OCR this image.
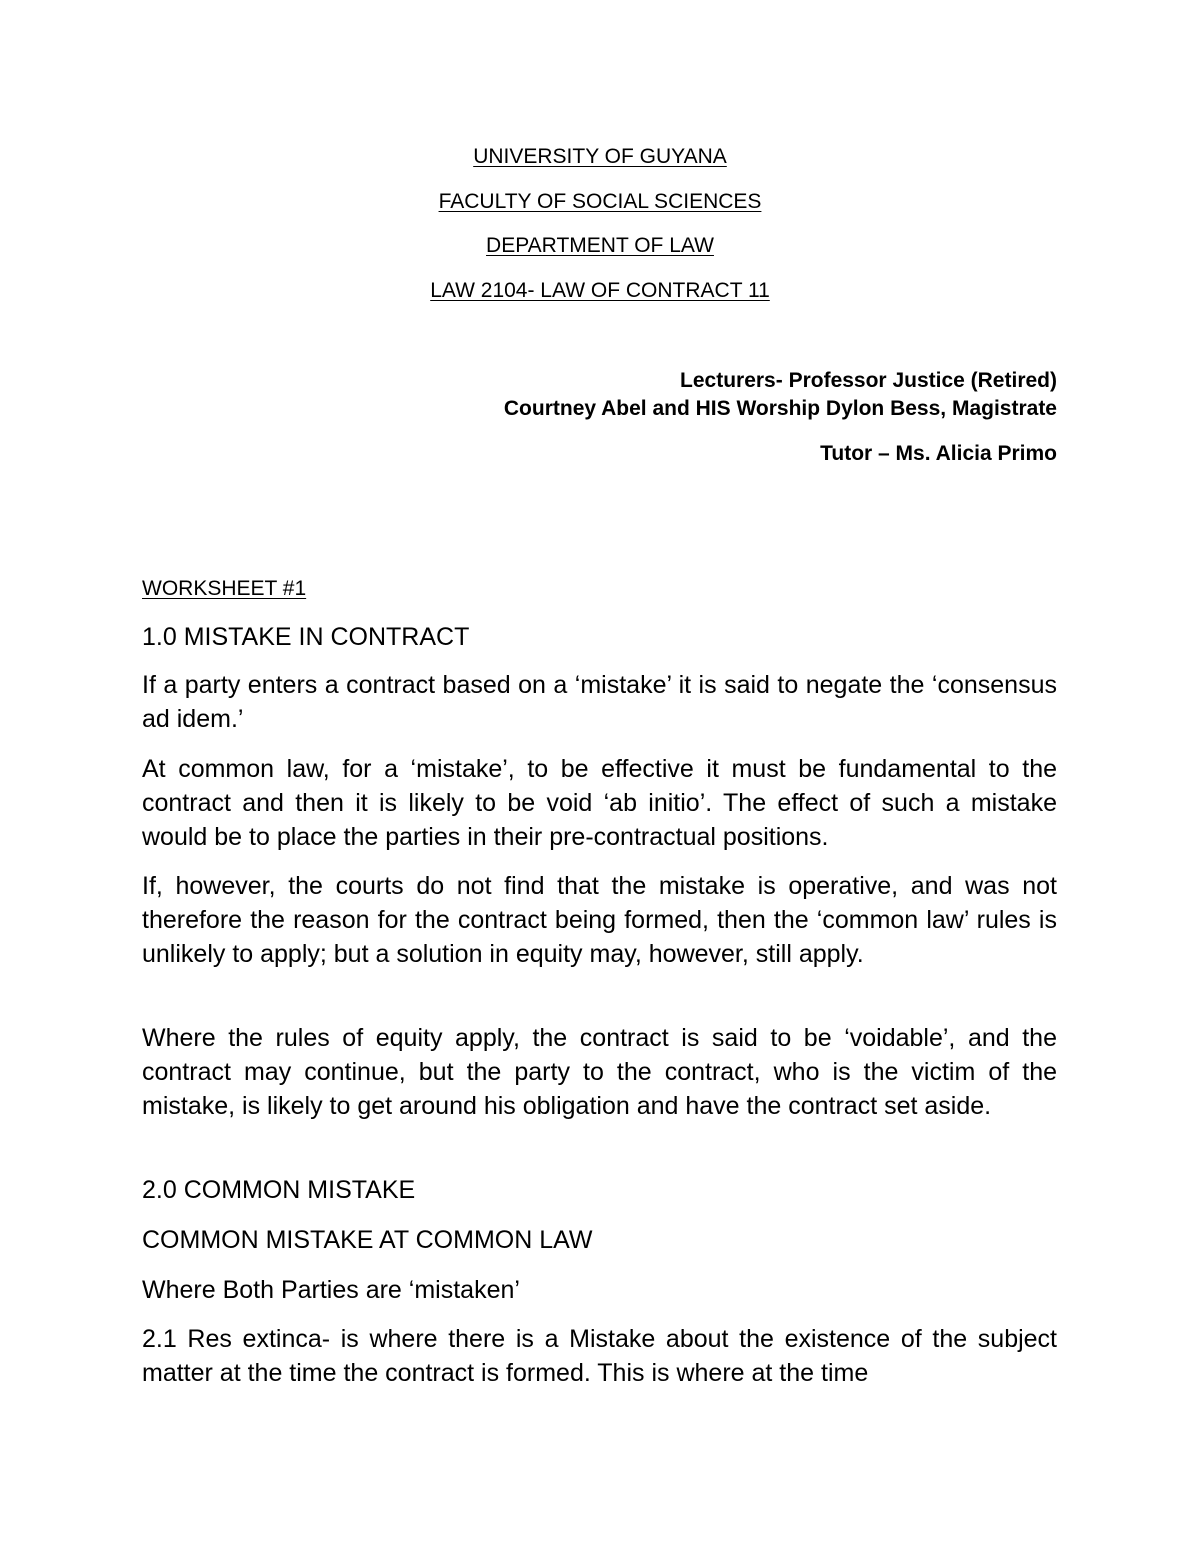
UNIVERSITY OF GUYANA
FACULTY OF SOCIAL SCIENCES
DEPARTMENT OF LAW
LAW 2104- LAW OF CONTRACT 11
Lecturers- Professor Justice (Retired)
Courtney Abel and HIS Worship Dylon Bess, Magistrate
Tutor – Ms. Alicia Primo
WORKSHEET #1
1.0 MISTAKE IN CONTRACT
If a party enters a contract based on a ‘mistake’ it is said to negate the ‘consensus ad idem.’
At common law, for a ‘mistake’, to be effective it must be fundamental to the contract and then it is likely to be void ‘ab initio’. The effect of such a mistake would be to place the parties in their pre-contractual positions.
If, however, the courts do not find that the mistake is operative, and was not therefore the reason for the contract being formed, then the ‘common law’ rules is unlikely to apply; but a solution in equity may, however, still apply.
Where the rules of equity apply, the contract is said to be ‘voidable’, and the contract may continue, but the party to the contract, who is the victim of the mistake, is likely to get around his obligation and have the contract set aside.
2.0 COMMON MISTAKE
COMMON MISTAKE AT COMMON LAW
Where Both Parties are ‘mistaken’
2.1 Res extinca- is where there is a Mistake about the existence of the subject matter at the time the contract is formed. This is where at the time
